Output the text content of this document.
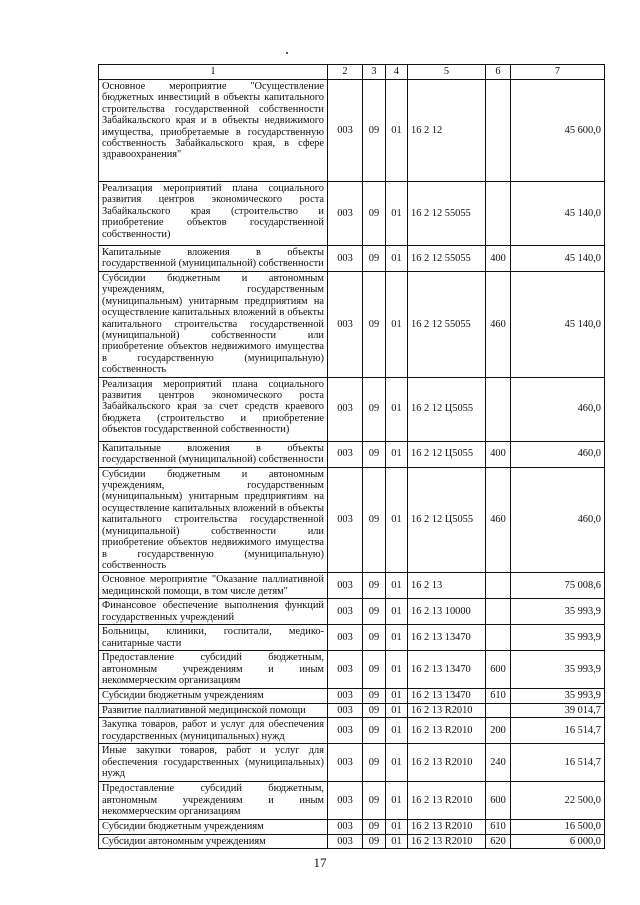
1	2	3	4	5	6	7
Основное мероприятие "Осуществление бюджетных инвестиций в объекты капитального строительства государственной собственности Забайкальского края и в объекты недвижимого имущества, приобретаемые в государственную собственность Забайкальского края, в сфере здравоохранения"	003	09	01	16 2 12		45 600,0
Реализация мероприятий плана социального развития центров экономического роста Забайкальского края (строительство и приобретение объектов государственной собственности)	003	09	01	16 2 12 55055		45 140,0
Капитальные вложения в объекты государственной (муниципальной) собственности	003	09	01	16 2 12 55055	400	45 140,0
Субсидии бюджетным и автономным учреждениям, государственным (муниципальным) унитарным предприятиям на осуществление капитальных вложений в объекты капитального строительства государственной (муниципальной) собственности или приобретение объектов недвижимого имущества в государственную (муниципальную) собственность	003	09	01	16 2 12 55055	460	45 140,0
Реализация мероприятий плана социального развития центров экономического роста Забайкальского края за счет средств краевого бюджета (строительство и приобретение объектов государственной собственности)	003	09	01	16 2 12 Ц5055		460,0
Капитальные вложения в объекты государственной (муниципальной) собственности	003	09	01	16 2 12 Ц5055	400	460,0
Субсидии бюджетным и автономным учреждениям, государственным (муниципальным) унитарным предприятиям на осуществление капитальных вложений в объекты капитального строительства государственной (муниципальной) собственности или приобретение объектов недвижимого имущества в государственную (муниципальную) собственность	003	09	01	16 2 12 Ц5055	460	460,0
Основное мероприятие "Оказание паллиативной медицинской помощи, в том числе детям"	003	09	01	16 2 13		75 008,6
Финансовое обеспечение выполнения функций государственных учреждений	003	09	01	16 2 13 10000		35 993,9
Больницы, клиники, госпитали, медико-санитарные части	003	09	01	16 2 13 13470		35 993,9
Предоставление субсидий бюджетным, автономным учреждениям и иным некоммерческим организациям	003	09	01	16 2 13 13470	600	35 993,9
Субсидии бюджетным учреждениям	003	09	01	16 2 13 13470	610	35 993,9
Развитие паллиативной медицинской помощи	003	09	01	16 2 13 R2010		39 014,7
Закупка товаров, работ и услуг для обеспечения государственных (муниципальных) нужд	003	09	01	16 2 13 R2010	200	16 514,7
Иные закупки товаров, работ и услуг для обеспечения государственных (муниципальных) нужд	003	09	01	16 2 13 R2010	240	16 514,7
Предоставление субсидий бюджетным, автономным учреждениям и иным некоммерческим организациям	003	09	01	16 2 13 R2010	600	22 500,0
Субсидии бюджетным учреждениям	003	09	01	16 2 13 R2010	610	16 500,0
Субсидии автономным учреждениям	003	09	01	16 2 13 R2010	620	6 000,0
17
